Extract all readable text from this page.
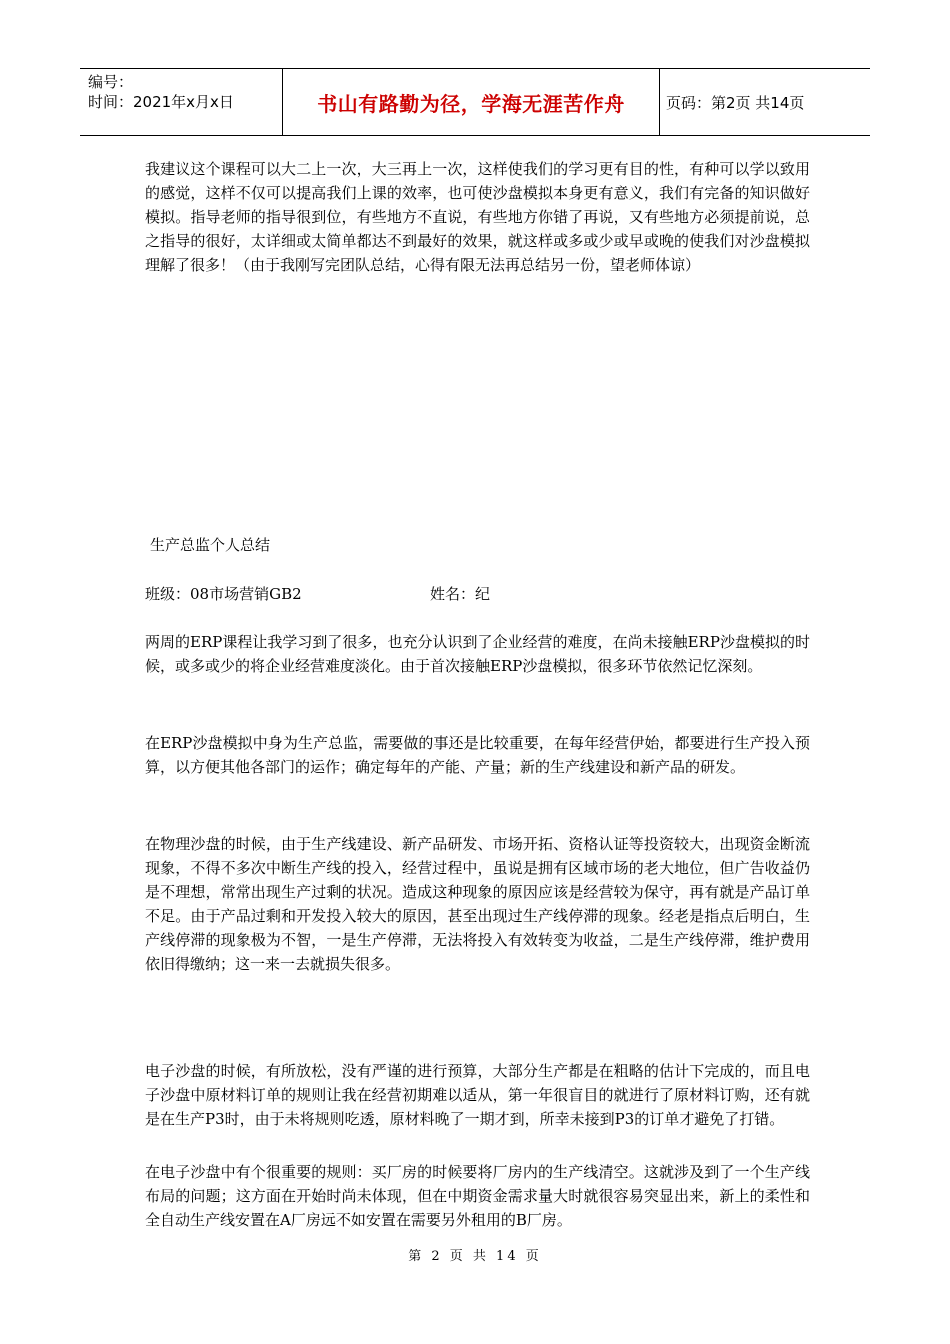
编号：
时间：2021年x月x日	书山有路勤为径，学海无涯苦作舟	页码：第2页 共14页

我建议这个课程可以大二上一次，大三再上一次，这样使我们的学习更有目的性，有种可以学以致用的感觉，这样不仅可以提高我们上课的效率，也可使沙盘模拟本身更有意义，我们有完备的知识做好模拟。指导老师的指导很到位，有些地方不直说，有些地方你错了再说，又有些地方必须提前说，总之指导的很好，太详细或太简单都达不到最好的效果，就这样或多或少或早或晚的使我们对沙盘模拟理解了很多！（由于我刚写完团队总结，心得有限无法再总结另一份，望老师体谅）

生产总监个人总结

班级：08市场营销GB2	姓名：纪

两周的ERP课程让我学习到了很多，也充分认识到了企业经营的难度，在尚未接触ERP沙盘模拟的时候，或多或少的将企业经营难度淡化。由于首次接触ERP沙盘模拟，很多环节依然记忆深刻。

在ERP沙盘模拟中身为生产总监，需要做的事还是比较重要，在每年经营伊始，都要进行生产投入预算，以方便其他各部门的运作；确定每年的产能、产量；新的生产线建设和新产品的研发。

在物理沙盘的时候，由于生产线建设、新产品研发、市场开拓、资格认证等投资较大，出现资金断流现象，不得不多次中断生产线的投入，经营过程中，虽说是拥有区域市场的老大地位，但广告收益仍是不理想，常常出现生产过剩的状况。造成这种现象的原因应该是经营较为保守，再有就是产品订单不足。由于产品过剩和开发投入较大的原因，甚至出现过生产线停滞的现象。经老是指点后明白，生产线停滞的现象极为不智，一是生产停滞，无法将投入有效转变为收益，二是生产线停滞，维护费用依旧得缴纳；这一来一去就损失很多。

电子沙盘的时候，有所放松，没有严谨的进行预算，大部分生产都是在粗略的估计下完成的，而且电子沙盘中原材料订单的规则让我在经营初期难以适从，第一年很盲目的就进行了原材料订购，还有就是在生产P3时，由于未将规则吃透，原材料晚了一期才到，所幸未接到P3的订单才避免了打错。

在电子沙盘中有个很重要的规则：买厂房的时候要将厂房内的生产线清空。这就涉及到了一个生产线布局的问题；这方面在开始时尚未体现，但在中期资金需求量大时就很容易突显出来，新上的柔性和全自动生产线安置在A厂房远不如安置在需要另外租用的B厂房。

第 2 页 共 14 页
